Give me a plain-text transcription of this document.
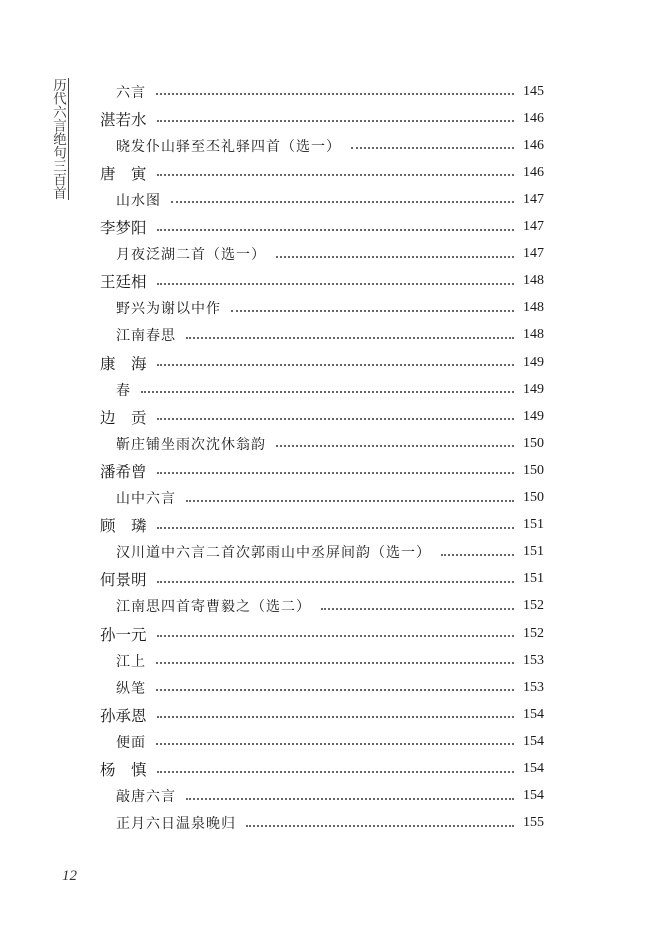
历代六言绝句三百首	六言	145
湛若水	146
晓发仆山驿至丕礼驿四首（选一）	146
唐　寅	146
山水图	147
李梦阳	147
月夜泛湖二首（选一）	147
王廷相	148
野兴为谢以中作	148
江南春思	148
康　海	149
春	149
边　贡	149
靳庄铺坐雨次沈休翁韵	150
潘希曾	150
山中六言	150
顾　璘	151
汉川道中六言二首次郭雨山中丞屏间韵（选一）	151
何景明	151
江南思四首寄曹毅之（选二）	152
孙一元	152
江上	153
纵笔	153
孙承恩	154
便面	154
杨　慎	154
敲唐六言	154
正月六日温泉晚归	155
12
